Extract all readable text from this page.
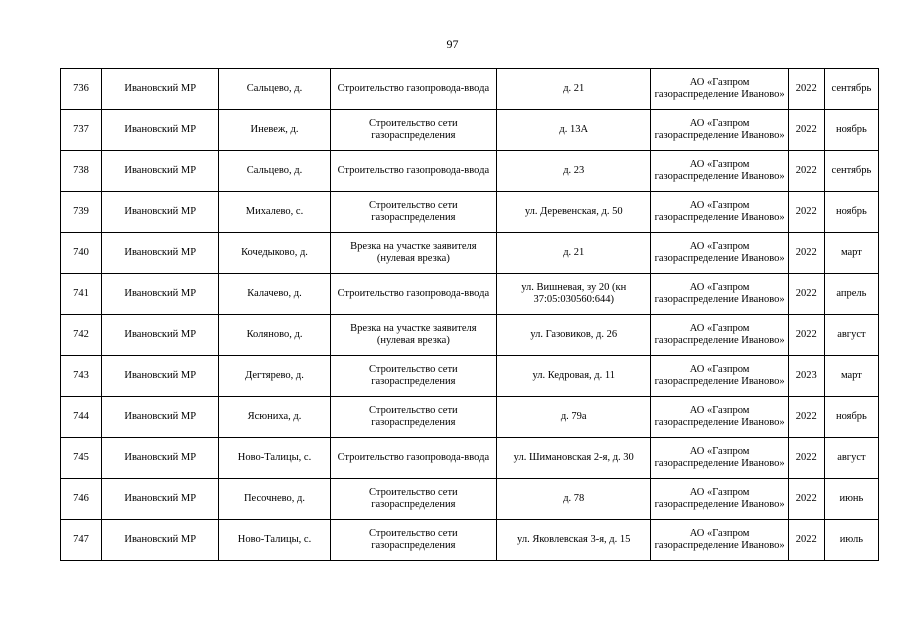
97
736	Ивановский МР	Сальцево, д.	Строительство газопровода-ввода	д. 21	АО «Газпром газораспределение Иваново»	2022	сентябрь
737	Ивановский МР	Иневеж, д.	Строительство сети газораспределения	д. 13А	АО «Газпром газораспределение Иваново»	2022	ноябрь
738	Ивановский МР	Сальцево, д.	Строительство газопровода-ввода	д. 23	АО «Газпром газораспределение Иваново»	2022	сентябрь
739	Ивановский МР	Михалево, с.	Строительство сети газораспределения	ул. Деревенская, д. 50	АО «Газпром газораспределение Иваново»	2022	ноябрь
740	Ивановский МР	Кочедыково, д.	Врезка на участке заявителя (нулевая врезка)	д. 21	АО «Газпром газораспределение Иваново»	2022	март
741	Ивановский МР	Калачево, д.	Строительство газопровода-ввода	ул. Вишневая, зу 20 (кн 37:05:030560:644)	АО «Газпром газораспределение Иваново»	2022	апрель
742	Ивановский МР	Коляново, д.	Врезка на участке заявителя (нулевая врезка)	ул. Газовиков, д. 26	АО «Газпром газораспределение Иваново»	2022	август
743	Ивановский МР	Дегтярево, д.	Строительство сети газораспределения	ул. Кедровая, д. 11	АО «Газпром газораспределение Иваново»	2023	март
744	Ивановский МР	Ясюниха, д.	Строительство сети газораспределения	д. 79а	АО «Газпром газораспределение Иваново»	2022	ноябрь
745	Ивановский МР	Ново-Талицы, с.	Строительство газопровода-ввода	ул. Шимановская 2-я, д. 30	АО «Газпром газораспределение Иваново»	2022	август
746	Ивановский МР	Песочнево, д.	Строительство сети газораспределения	д. 78	АО «Газпром газораспределение Иваново»	2022	июнь
747	Ивановский МР	Ново-Талицы, с.	Строительство сети газораспределения	ул. Яковлевская 3-я, д. 15	АО «Газпром газораспределение Иваново»	2022	июль
